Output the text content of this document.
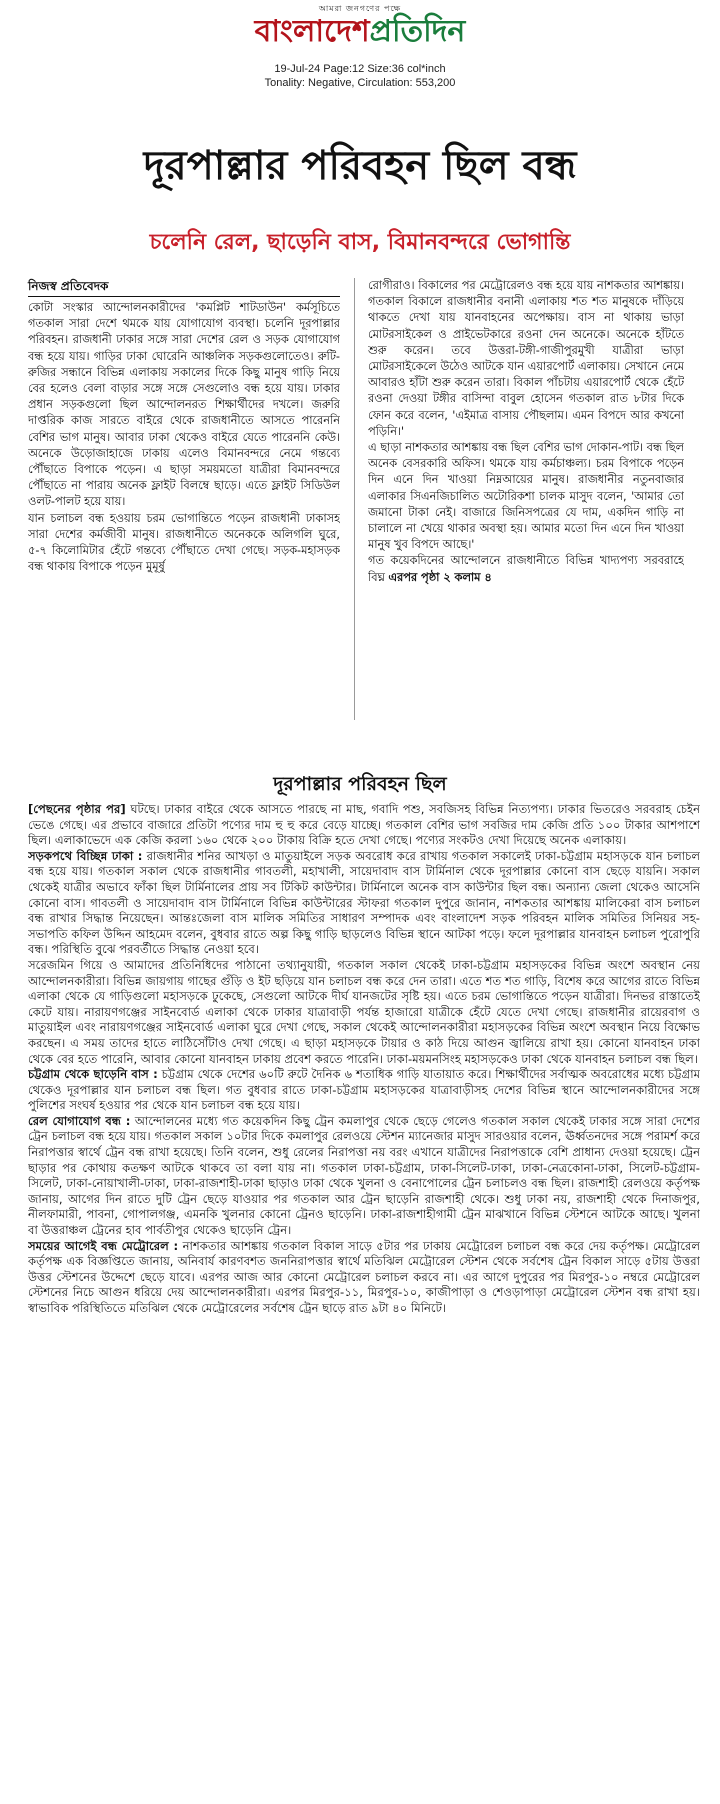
আমরা জনগণের পক্ষে
বাংলাদেশপ্রতিদিন
19-Jul-24 Page:12 Size:36 col*inch
Tonality: Negative, Circulation: 553,200
দূরপাল্লার পরিবহন ছিল বন্ধ
চলেনি রেল, ছাড়েনি বাস, বিমানবন্দরে ভোগান্তি
নিজস্ব প্রতিবেদক

কোটা সংস্কার আন্দোলনকারীদের 'কমপ্লিট শাটডাউন' কর্মসূচিতে গতকাল সারা দেশে থমকে যায় যোগাযোগ ব্যবস্থা। চলেনি দূরপাল্লার পরিবহন। রাজধানী ঢাকার সঙ্গে সারা দেশের রেল ও সড়ক যোগাযোগ বন্ধ হয়ে যায়। গাড়ির ঢাকা ঘোরেনি আঞ্চলিক সড়কগুলোতেও। রুটি-রুজির সন্ধানে বিভিন্ন এলাকায় সকালের দিকে কিছু মানুষ গাড়ি নিয়ে বের হলেও বেলা বাড়ার সঙ্গে সঙ্গে সেগুলোও বন্ধ হয়ে যায়। ঢাকার প্রধান সড়কগুলো ছিল আন্দোলনরত শিক্ষার্থীদের দখলে। জরুরি দাপ্তরিক কাজ সারতে বাইরে থেকে রাজধানীতে আসতে পারেননি বেশির ভাগ মানুষ। আবার ঢাকা থেকেও বাইরে যেতে পারেননি কেউ। অনেকে উড়োজাহাজে ঢাকায় এলেও বিমানবন্দরে নেমে গন্তব্যে পৌঁছাতে বিপাকে পড়েন। এ ছাড়া সময়মতো যাত্রীরা বিমানবন্দরে পৌঁছাতে না পারায় অনেক ফ্লাইট বিলম্বে ছাড়ে। এতে ফ্লাইট সিডিউল ওলট-পালট হয়ে যায়।

যান চলাচল বন্ধ হওয়ায় চরম ভোগান্তিতে পড়েন রাজধানী ঢাকাসহ সারা দেশের কর্মজীবী মানুষ। রাজধানীতে অনেককে অলিগলি ঘুরে, ৫-৭ কিলোমিটার হেঁটে গন্তব্যে পৌঁছাতে দেখা গেছে। সড়ক-মহাসড়ক বন্ধ থাকায় বিপাকে পড়েন মুমূর্ষু

রোগীরাও। বিকালের পর মেট্রোরেলও বন্ধ হয়ে যায় নাশকতার আশঙ্কায়। গতকাল বিকালে রাজধানীর বনানী এলাকায় শত শত মানুষকে দাঁড়িয়ে থাকতে দেখা যায় যানবাহনের অপেক্ষায়। বাস না থাকায় ভাড়া মোটরসাইকেল ও প্রাইভেটকারে রওনা দেন অনেকে। অনেকে হাঁটতে শুরু করেন। তবে উত্তরা-টঙ্গী-গাজীপুরমুখী যাত্রীরা ভাড়া মোটরসাইকেলে উঠেও আটকে যান এয়ারপোর্ট এলাকায়। সেখানে নেমে আবারও হাঁটা শুরু করেন তারা। বিকাল পাঁচটায় এয়ারপোর্ট থেকে হেঁটে রওনা দেওয়া টঙ্গীর বাসিন্দা বাবুল হোসেন গতকাল রাত ৮টার দিকে ফোন করে বলেন, 'এইমাত্র বাসায় পৌছলাম। এমন বিপদে আর কখনো পড়িনি।'

এ ছাড়া নাশকতার আশঙ্কায় বন্ধ ছিল বেশির ভাগ দোকান-পাট। বন্ধ ছিল অনেক বেসরকারি অফিস। থমকে যায় কর্মচাঞ্চল্য। চরম বিপাকে পড়েন দিন এনে দিন খাওয়া নিম্নআয়ের মানুষ। রাজধানীর নতুনবাজার এলাকার সিএনজিচালিত অটোরিকশা চালক মাসুদ বলেন, 'আমার তো জমানো টাকা নেই। বাজারে জিনিসপত্রের যে দাম, একদিন গাড়ি না চালালে না খেয়ে থাকার অবস্থা হয়। আমার মতো দিন এনে দিন খাওয়া মানুষ খুব বিপদে আছে।'

গত কয়েকদিনের আন্দোলনে রাজধানীতে বিভিন্ন খাদ্যপণ্য সরবরাহে বিঘ্ন এরপর পৃষ্ঠা ২ কলাম ৪

দূরপাল্লার পরিবহন ছিল

[পেছনের পৃষ্ঠার পর] ঘটছে। ঢাকার বাইরে থেকে আসতে পারছে না মাছ, গবাদি পশু, সবজিসহ বিভিন্ন নিত্যপণ্য। ঢাকার ভিতরেও সরবরাহ চেইন ভেঙে গেছে। এর প্রভাবে বাজারে প্রতিটা পণ্যের দাম হু হু করে বেড়ে যাচ্ছে। গতকাল বেশির ভাগ সবজির দাম কেজি প্রতি ১০০ টাকার আশপাশে ছিল। এলাকাভেদে এক কেজি করলা ১৬০ থেকে ২০০ টাকায় বিক্রি হতে দেখা গেছে। পণ্যের সংকটও দেখা দিয়েছে অনেক এলাকায়।

সড়কপথে বিচ্ছিন্ন ঢাকা : রাজধানীর শনির আখড়া ও মাতুয়াইলে সড়ক অবরোধ করে রাখায় গতকাল সকালেই ঢাকা-চট্টগ্রাম মহাসড়কে যান চলাচল বন্ধ হয়ে যায়। গতকাল সকাল থেকে রাজধানীর গাবতলী, মহাখালী, সায়েদাবাদ বাস টার্মিনাল থেকে দূরপাল্লার কোনো বাস ছেড়ে যায়নি। সকাল থেকেই যাত্রীর অভাবে ফাঁকা ছিল টার্মিনালের প্রায় সব টিকিট কাউন্টার। টার্মিনালে অনেক বাস কাউন্টার ছিল বন্ধ। অন্যান্য জেলা থেকেও আসেনি কোনো বাস। গাবতলী ও সায়েদাবাদ বাস টার্মিনালে বিভিন্ন কাউন্টারের স্টাফরা গতকাল দুপুরে জানান, নাশকতার আশঙ্কায় মালিকেরা বাস চলাচল বন্ধ রাখার সিদ্ধান্ত নিয়েছেন। আন্তঃজেলা বাস মালিক সমিতির সাধারণ সম্পাদক এবং বাংলাদেশ সড়ক পরিবহন মালিক সমিতির সিনিয়র সহ-সভাপতি কফিল উদ্দিন আহমেদ বলেন, বুধবার রাতে অল্প কিছু গাড়ি ছাড়লেও বিভিন্ন স্থানে আটকা পড়ে। ফলে দূরপাল্লার যানবাহন চলাচল পুরোপুরি বন্ধ। পরিস্থিতি বুঝে পরবর্তীতে সিদ্ধান্ত নেওয়া হবে।

সরেজমিন গিয়ে ও আমাদের প্রতিনিধিদের পাঠানো তথ্যানুযায়ী, গতকাল সকাল থেকেই ঢাকা-চট্টগ্রাম মহাসড়কের বিভিন্ন অংশে অবস্থান নেয় আন্দোলনকারীরা। বিভিন্ন জায়গায় গাছের গুঁড়ি ও ইট ছড়িয়ে যান চলাচল বন্ধ করে দেন তারা। এতে শত শত গাড়ি, বিশেষ করে আগের রাতে বিভিন্ন এলাকা থেকে যে গাড়িগুলো মহাসড়কে ঢুকেছে, সেগুলো আটকে দীর্ঘ যানজটের সৃষ্টি হয়। এতে চরম ভোগান্তিতে পড়েন যাত্রীরা। দিনভর রাস্তাতেই কেটে যায়। নারায়ণগঞ্জের সাইনবোর্ড এলাকা থেকে ঢাকার যাত্রাবাড়ী পর্যন্ত হাজারো যাত্রীকে হেঁটে যেতে দেখা গেছে। রাজধানীর রায়েরবাগ ও মাতুয়াইল এবং নারায়ণগঞ্জের সাইনবোর্ড এলাকা ঘুরে দেখা গেছে, সকাল থেকেই আন্দোলনকারীরা মহাসড়কের বিভিন্ন অংশে অবস্থান নিয়ে বিক্ষোভ করছেন। এ সময় তাদের হাতে লাঠিসোঁটাও দেখা গেছে। এ ছাড়া মহাসড়কে টায়ার ও কাঠ দিয়ে আগুন জ্বালিয়ে রাখা হয়। কোনো যানবাহন ঢাকা থেকে বের হতে পারেনি, আবার কোনো যানবাহন ঢাকায় প্রবেশ করতে পারেনি। ঢাকা-ময়মনসিংহ মহাসড়কেও ঢাকা থেকে যানবাহন চলাচল বন্ধ ছিল।

চট্টগ্রাম থেকে ছাড়েনি বাস : চট্টগ্রাম থেকে দেশের ৬০টি রুটে দৈনিক ৬ শতাধিক গাড়ি যাতায়াত করে। শিক্ষার্থীদের সর্বাত্মক অবরোধের মধ্যে চট্টগ্রাম থেকেও দূরপাল্লার যান চলাচল বন্ধ ছিল। গত বুধবার রাতে ঢাকা-চট্টগ্রাম মহাসড়কের যাত্রাবাড়ীসহ দেশের বিভিন্ন স্থানে আন্দোলনকারীদের সঙ্গে পুলিশের সংঘর্ষ হওয়ার পর থেকে যান চলাচল বন্ধ হয়ে যায়।

রেল যোগাযোগ বন্ধ : আন্দোলনের মধ্যে গত কয়েকদিন কিছু ট্রেন কমলাপুর থেকে ছেড়ে গেলেও গতকাল সকাল থেকেই ঢাকার সঙ্গে সারা দেশের ট্রেন চলাচল বন্ধ হয়ে যায়। গতকাল সকাল ১০টার দিকে কমলাপুর রেলওয়ে স্টেশন ম্যানেজার মাসুদ সারওয়ার বলেন, ঊর্ধ্বতনদের সঙ্গে পরামর্শ করে নিরাপত্তার স্বার্থে ট্রেন বন্ধ রাখা হয়েছে। তিনি বলেন, শুধু রেলের নিরাপত্তা নয় বরং এখানে যাত্রীদের নিরাপত্তাকে বেশি প্রাধান্য দেওয়া হয়েছে। ট্রেন ছাড়ার পর কোথায় কতক্ষণ আটকে থাকবে তা বলা যায় না। গতকাল ঢাকা-চট্টগ্রাম, ঢাকা-সিলেট-ঢাকা, ঢাকা-নেত্রকোনা-ঢাকা, সিলেট-চট্টগ্রাম-সিলেট, ঢাকা-নোয়াখালী-ঢাকা, ঢাকা-রাজশাহী-ঢাকা ছাড়াও ঢাকা থেকে খুলনা ও বেনাপোলের ট্রেন চলাচলও বন্ধ ছিল। রাজশাহী রেলওয়ে কর্তৃপক্ষ জানায়, আগের দিন রাতে দুটি ট্রেন ছেড়ে যাওয়ার পর গতকাল আর ট্রেন ছাড়েনি রাজশাহী থেকে। শুধু ঢাকা নয়, রাজশাহী থেকে দিনাজপুর, নীলফামারী, পাবনা, গোপালগঞ্জ, এমনকি খুলনার কোনো ট্রেনও ছাড়েনি। ঢাকা-রাজশাহীগামী ট্রেন মাঝখানে বিভিন্ন স্টেশনে আটকে আছে। খুলনা বা উত্তরাঞ্চল ট্রেনের হাব পার্বতীপুর থেকেও ছাড়েনি ট্রেন।

সময়ের আগেই বন্ধ মেট্রোরেল : নাশকতার আশঙ্কায় গতকাল বিকাল সাড়ে ৫টার পর ঢাকায় মেট্রোরেল চলাচল বন্ধ করে দেয় কর্তৃপক্ষ। মেট্রোরেল কর্তৃপক্ষ এক বিজ্ঞপ্তিতে জানায়, অনিবার্য কারণবশত জননিরাপত্তার স্বার্থে মতিঝিল মেট্রোরেল স্টেশন থেকে সর্বশেষ ট্রেন বিকাল সাড়ে ৫টায় উত্তরা উত্তর স্টেশনের উদ্দেশে ছেড়ে যাবে। এরপর আজ আর কোনো মেট্রোরেল চলাচল করবে না। এর আগে দুপুরের পর মিরপুর-১০ নম্বরে মেট্রোরেল স্টেশনের নিচে আগুন ধরিয়ে দেয় আন্দোলনকারীরা। এরপর মিরপুর-১১, মিরপুর-১০, কাজীপাড়া ও শেওড়াপাড়া মেট্রোরেল স্টেশন বন্ধ রাখা হয়। স্বাভাবিক পরিস্থিতিতে মতিঝিল থেকে মেট্রোরেলের সর্বশেষ ট্রেন ছাড়ে রাত ৯টা ৪০ মিনিটে।
